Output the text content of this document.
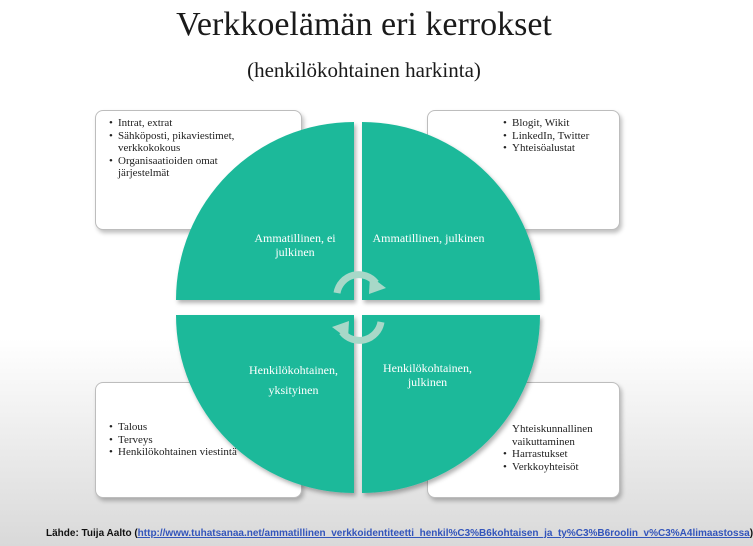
Verkkoelämän eri kerrokset
(henkilökohtainen harkinta)
• Intrat, extrat
• Sähköposti, pikaviestimet, verkkokokous
• Organisaatioiden omat järjestelmät
• Blogit, Wikit
• LinkedIn, Twitter
• Yhteisöalustat
• Talous
• Terveys
• Henkilökohtainen viestintä
Yhteiskunnallinen vaikuttaminen
• Harrastukset
• Verkkoyhteisöt
Ammatillinen, ei julkinen
Ammatillinen, julkinen
Henkilökohtainen, yksityinen
Henkilökohtainen, julkinen
Lähde: Tuija Aalto (http://www.tuhatsanaa.net/ammatillinen_verkkoidentiteetti_henkil%C3%B6kohtaisen_ja_ty%C3%B6roolin_v%C3%A4limaastossa)
